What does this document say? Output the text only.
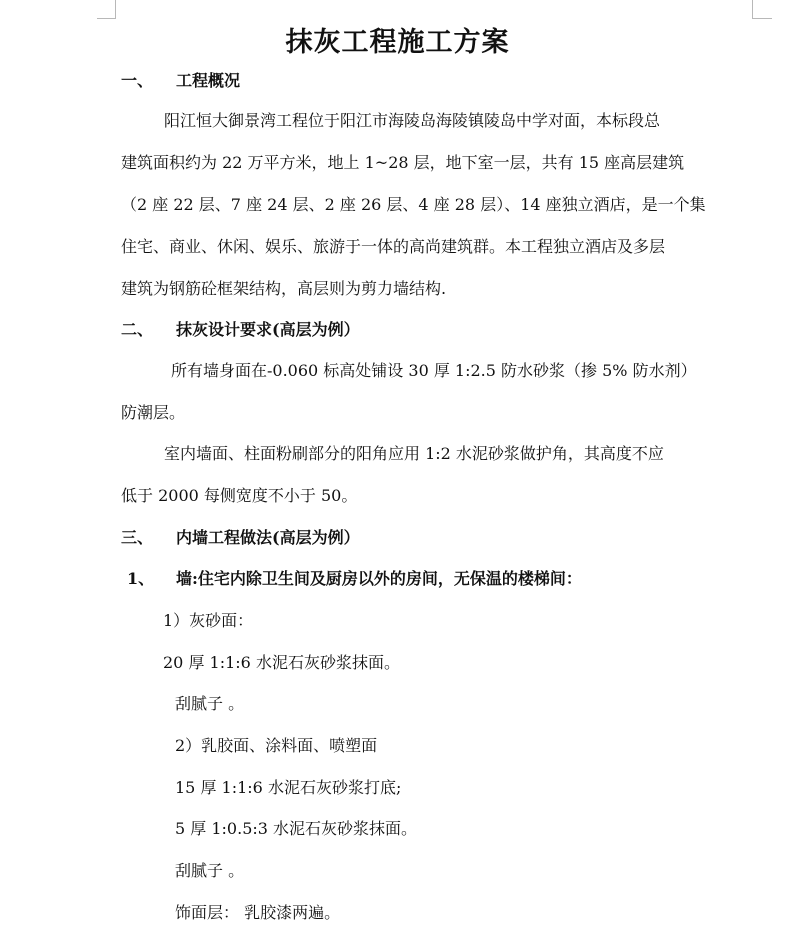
抹灰工程施工方案
一、 工程概况
阳江恒大御景湾工程位于阳江市海陵岛海陵镇陵岛中学对面，本标段总
建筑面积约为 22 万平方米，地上 1~28 层，地下室一层，共有 15 座高层建筑
（2 座 22 层、7 座 24 层、2 座 26 层、4 座 28 层）、14 座独立酒店，是一个集
住宅、商业、休闲、娱乐、旅游于一体的高尚建筑群。本工程独立酒店及多层
建筑为钢筋砼框架结构，高层则为剪力墙结构.
二、 抹灰设计要求(高层为例）
所有墙身面在-0.060 标高处铺设 30 厚 1:2.5 防水砂浆（掺 5% 防水剂）
防潮层。
室内墙面、柱面粉刷部分的阳角应用 1:2 水泥砂浆做护角，其高度不应
低于 2000 每侧宽度不小于 50。
三、 内墙工程做法(高层为例）
1、 墙:住宅内除卫生间及厨房以外的房间，无保温的楼梯间：
1）灰砂面：
20 厚 1:1:6 水泥石灰砂浆抹面。
刮腻子 。
2）乳胶面、涂料面、喷塑面
15 厚 1:1:6 水泥石灰砂浆打底;
5 厚 1:0.5:3 水泥石灰砂浆抹面。
刮腻子 。
饰面层： 乳胶漆两遍。
